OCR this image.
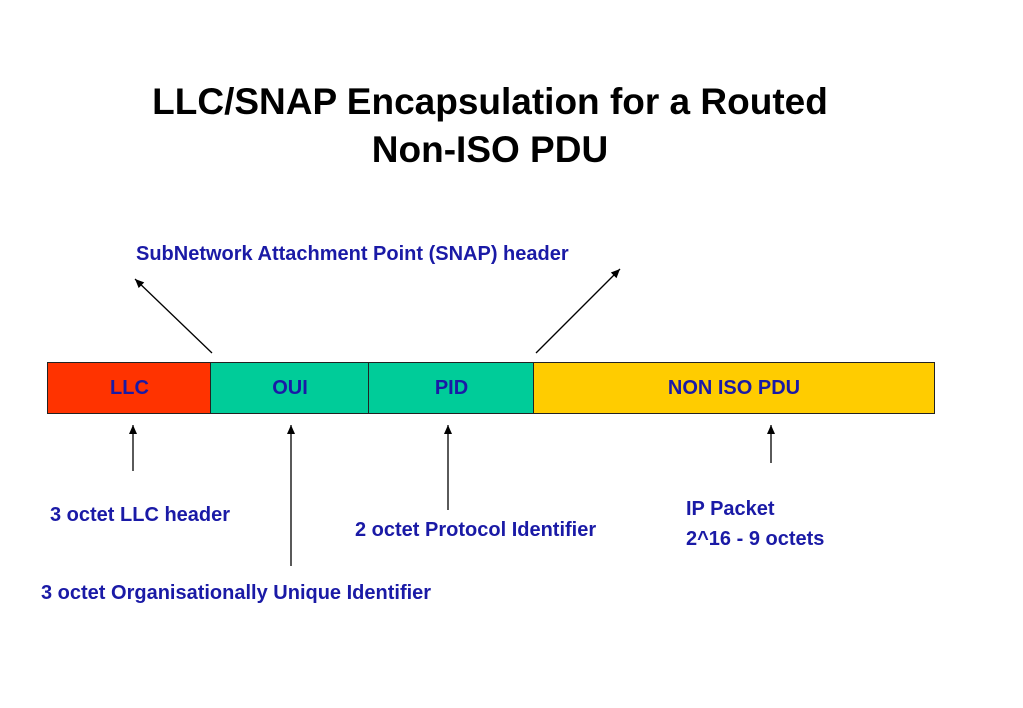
LLC/SNAP Encapsulation for a Routed
Non-ISO PDU
SubNetwork Attachment Point (SNAP) header
LLC	OUI	PID	NON ISO PDU
3 octet LLC header
2 octet Protocol Identifier
IP Packet
2^16 - 9 octets
3 octet Organisationally Unique Identifier
